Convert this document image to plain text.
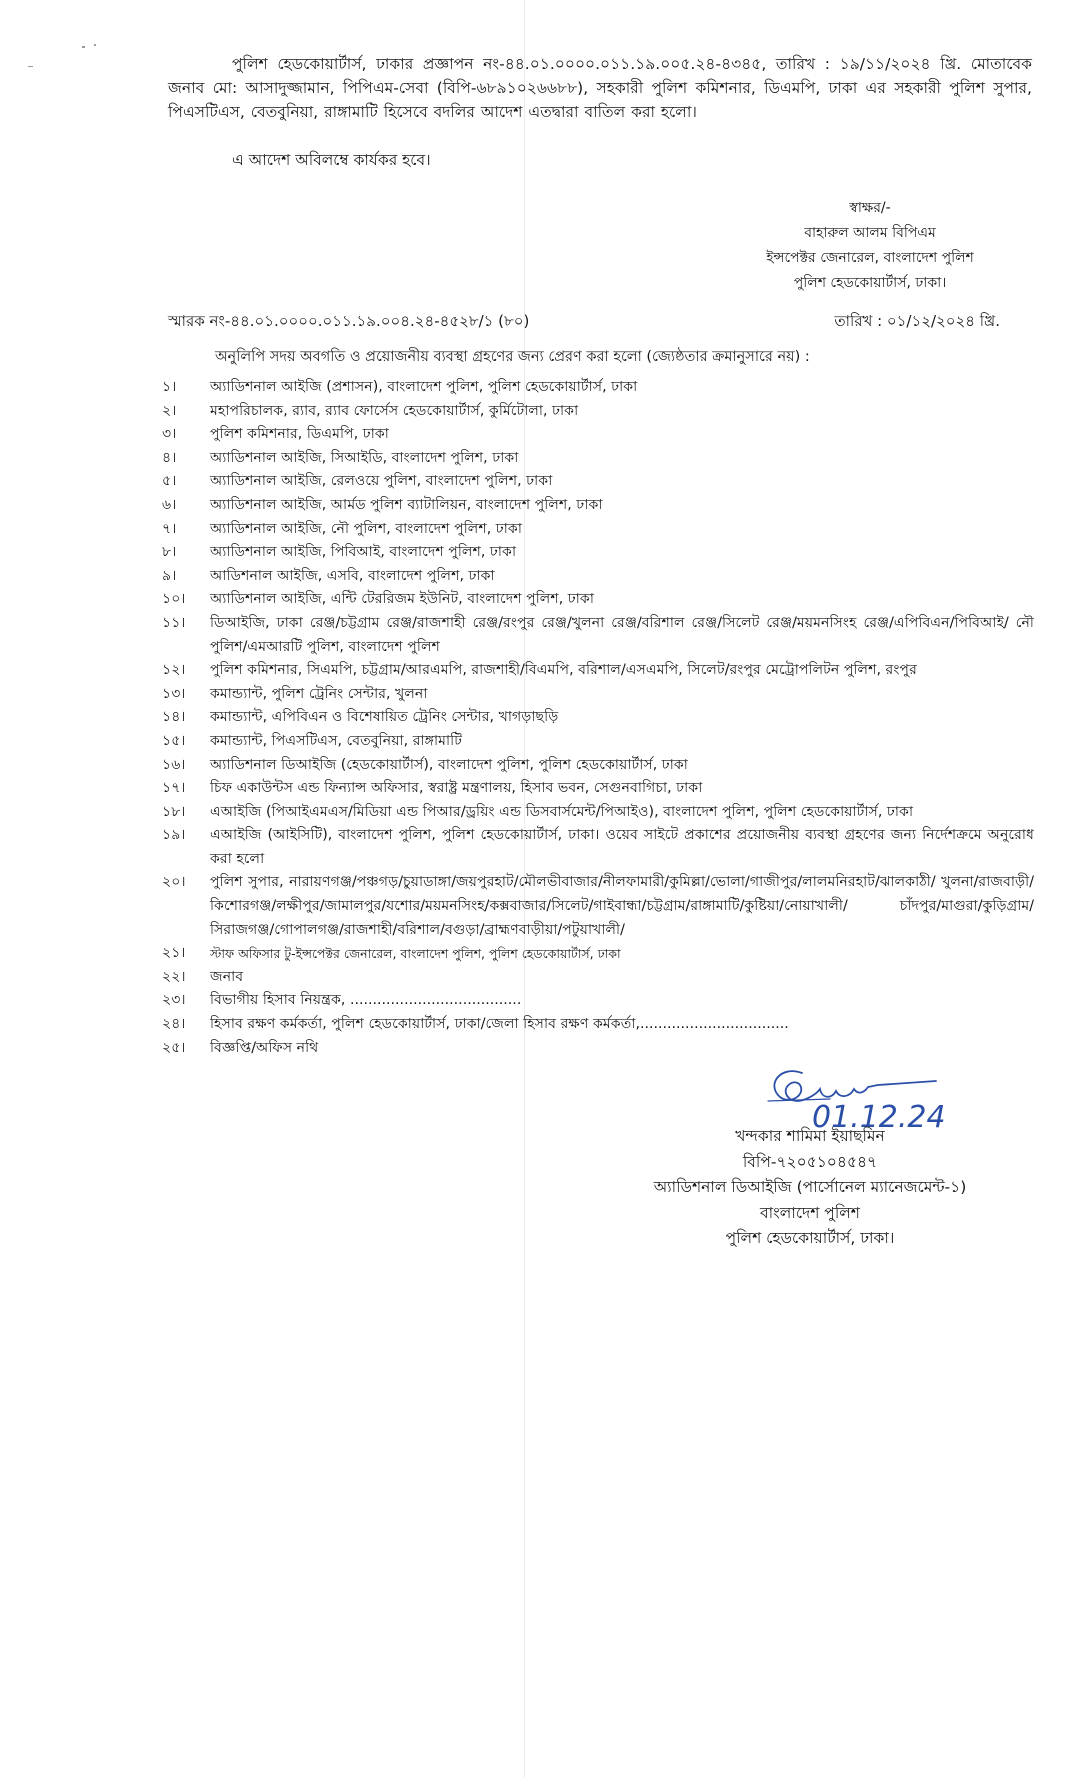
পুলিশ হেডকোয়ার্টার্স, ঢাকার প্রজ্ঞাপন নং-৪৪.০১.০০০০.০১১.১৯.০০৫.২৪-৪৩৪৫, তারিখ : ১৯/১১/২০২৪ খ্রি. মোতাবেক জনাব মো: আসাদুজ্জামান, পিপিএম-সেবা (বিপি-৬৮৯১০২৬৬৮৮), সহকারী পুলিশ কমিশনার, ডিএমপি, ঢাকা এর সহকারী পুলিশ সুপার, পিএসটিএস, বেতবুনিয়া, রাঙ্গামাটি হিসেবে বদলির আদেশ এতদ্বারা বাতিল করা হলো।

এ আদেশ অবিলম্বে কার্যকর হবে।
স্বাক্ষর/-
বাহারুল আলম বিপিএম
ইন্সপেক্টর জেনারেল, বাংলাদেশ পুলিশ
পুলিশ হেডকোয়ার্টার্স, ঢাকা।
স্মারক নং-৪৪.০১.০০০০.০১১.১৯.০০৪.২৪-৪৫২৮/১ (৮০)	তারিখ : ০১/১২/২০২৪ খ্রি.
অনুলিপি সদয় অবগতি ও প্রয়োজনীয় ব্যবস্থা গ্রহণের জন্য প্রেরণ করা হলো (জ্যেষ্ঠতার ক্রমানুসারে নয়) :
১।	অ্যাডিশনাল আইজি (প্রশাসন), বাংলাদেশ পুলিশ, পুলিশ হেডকোয়ার্টার্স, ঢাকা
২।	মহাপরিচালক, র‍্যাব, র‍্যাব ফোর্সেস হেডকোয়ার্টার্স, কুর্মিটোলা, ঢাকা
৩।	পুলিশ কমিশনার, ডিএমপি, ঢাকা
৪।	অ্যাডিশনাল আইজি, সিআইডি, বাংলাদেশ পুলিশ, ঢাকা
৫।	অ্যাডিশনাল আইজি, রেলওয়ে পুলিশ, বাংলাদেশ পুলিশ, ঢাকা
৬।	অ্যাডিশনাল আইজি, আর্মড পুলিশ ব্যাটালিয়ন, বাংলাদেশ পুলিশ, ঢাকা
৭।	অ্যাডিশনাল আইজি, নৌ পুলিশ, বাংলাদেশ পুলিশ, ঢাকা
৮।	অ্যাডিশনাল আইজি, পিবিআই, বাংলাদেশ পুলিশ, ঢাকা
৯।	আডিশনাল আইজি, এসবি, বাংলাদেশ পুলিশ, ঢাকা
১০।	অ্যাডিশনাল আইজি, এন্টি টেররিজম ইউনিট, বাংলাদেশ পুলিশ, ঢাকা
১১।	ডিআইজি, ঢাকা রেঞ্জ/চট্টগ্রাম রেঞ্জ/রাজশাহী রেঞ্জ/রংপুর রেঞ্জ/খুলনা রেঞ্জ/বরিশাল রেঞ্জ/সিলেট রেঞ্জ/ময়মনসিংহ রেঞ্জ/এপিবিএন/পিবিআই/ নৌ পুলিশ/এমআরটি পুলিশ, বাংলাদেশ পুলিশ
১২।	পুলিশ কমিশনার, সিএমপি, চট্টগ্রাম/আরএমপি, রাজশাহী/বিএমপি, বরিশাল/এসএমপি, সিলেট/রংপুর মেট্রোপলিটন পুলিশ, রংপুর
১৩।	কমান্ড্যান্ট, পুলিশ ট্রেনিং সেন্টার, খুলনা
১৪।	কমান্ড্যান্ট, এপিবিএন ও বিশেষায়িত ট্রেনিং সেন্টার, খাগড়াছড়ি
১৫।	কমান্ড্যান্ট, পিএসটিএস, বেতবুনিয়া, রাঙ্গামাটি
১৬।	অ্যাডিশনাল ডিআইজি (হেডকোয়ার্টার্স), বাংলাদেশ পুলিশ, পুলিশ হেডকোয়ার্টার্স, ঢাকা
১৭।	চিফ একাউন্টস এন্ড ফিন্যান্স অফিসার, স্বরাষ্ট্র মন্ত্রণালয়, হিসাব ভবন, সেগুনবাগিচা, ঢাকা
১৮।	এআইজি (পিআইএমএস/মিডিয়া এন্ড পিআর/ড্রয়িং এন্ড ডিসবার্সমেন্ট/পিআইও), বাংলাদেশ পুলিশ, পুলিশ হেডকোয়ার্টার্স, ঢাকা
১৯।	এআইজি (আইসিটি), বাংলাদেশ পুলিশ, পুলিশ হেডকোয়ার্টার্স, ঢাকা। ওয়েব সাইটে প্রকাশের প্রয়োজনীয় ব্যবস্থা গ্রহণের জন্য নির্দেশক্রমে অনুরোধ করা হলো
২০।	পুলিশ সুপার, নারায়ণগঞ্জ/পঞ্চগড়/চুয়াডাঙ্গা/জয়পুরহাট/মৌলভীবাজার/নীলফামারী/কুমিল্লা/ভোলা/গাজীপুর/লালমনিরহাট/ঝালকাঠী/ খুলনা/রাজবাড়ী/কিশোরগঞ্জ/লক্ষীপুর/জামালপুর/যশোর/ময়মনসিংহ/কক্সবাজার/সিলেট/গাইবান্ধা/চট্টগ্রাম/রাঙ্গামাটি/কুষ্টিয়া/নোয়াখালী/ চাঁদপুর/মাগুরা/কুড়িগ্রাম/সিরাজগঞ্জ/গোপালগঞ্জ/রাজশাহী/বরিশাল/বগুড়া/ব্রাহ্মণবাড়ীয়া/পটুয়াখালী/
২১।	স্টাফ অফিসার টু-ইন্সপেক্টর জেনারেল, বাংলাদেশ পুলিশ, পুলিশ হেডকোয়ার্টার্স, ঢাকা
২২।	জনাব
২৩।	বিভাগীয় হিসাব নিয়ন্ত্রক, ......................................
২৪।	হিসাব রক্ষণ কর্মকর্তা, পুলিশ হেডকোয়ার্টার্স, ঢাকা/জেলা হিসাব রক্ষণ কর্মকর্তা,.................................
২৫।	বিজ্ঞপ্তি/অফিস নথি
01.12.24
খন্দকার শামিমা ইয়াছমিন
বিপি-৭২০৫১০৪৫৪৭
অ্যাডিশনাল ডিআইজি (পার্সোনেল ম্যানেজমেন্ট-১)
বাংলাদেশ পুলিশ
পুলিশ হেডকোয়ার্টার্স, ঢাকা।
